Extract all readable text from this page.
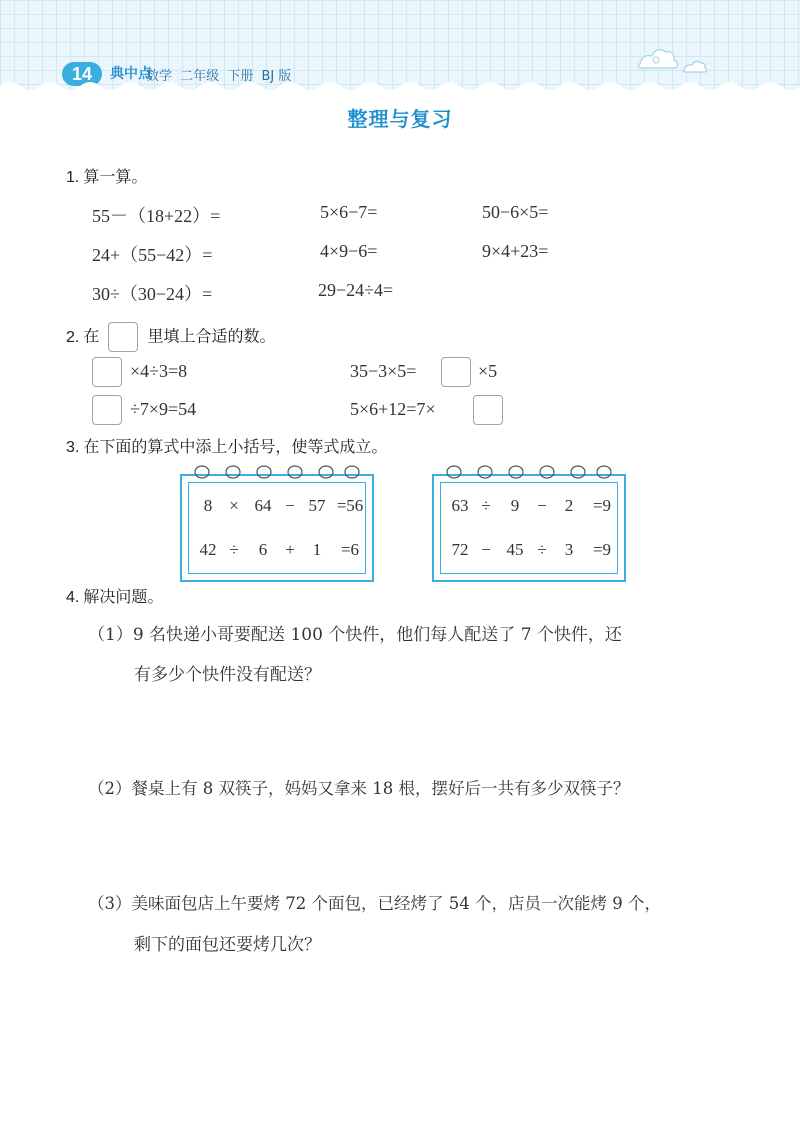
14	典中点
数学 二年级 下册 BJ 版
整理与复习
1. 算一算。
55－（18+22）=	5×6−7=	50−6×5=
24+（55−42）=	4×9−6=	9×4+23=
30÷（30−24）=	29−24÷4=
2. 在	里填上合适的数。
×4÷3=8	35−3×5=	×5
÷7×9=54	5×6+12=7×
3. 在下面的算式中添上小括号，使等式成立。
8 × 64 − 57 =56
42 ÷ 6 + 1 =6
63 ÷ 9 − 2 =9
72 − 45 ÷ 3 =9
4. 解决问题。
（1）9 名快递小哥要配送 100 个快件，他们每人配送了 7 个快件，还
有多少个快件没有配送？
（2）餐桌上有 8 双筷子，妈妈又拿来 18 根，摆好后一共有多少双筷子？
（3）美味面包店上午要烤 72 个面包，已经烤了 54 个，店员一次能烤 9 个，
剩下的面包还要烤几次？
